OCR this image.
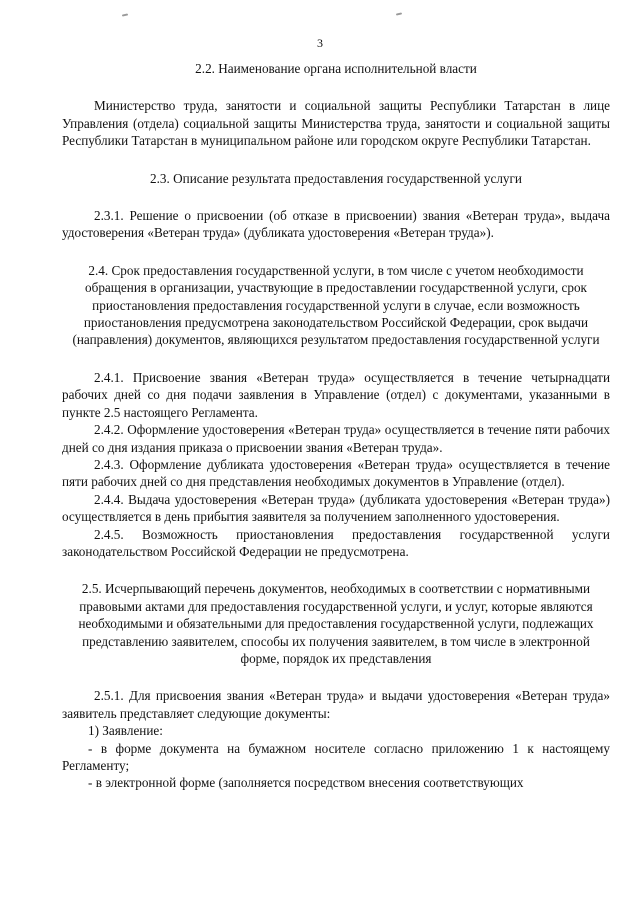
3

2.2. Наименование органа исполнительной власти

Министерство труда, занятости и социальной защиты Республики Татарстан в лице Управления (отдела) социальной защиты Министерства труда, занятости и социальной защиты Республики Татарстан в муниципальном районе или городском округе Республики Татарстан.

2.3. Описание результата предоставления государственной услуги

2.3.1. Решение о присвоении (об отказе в присвоении) звания «Ветеран труда», выдача удостоверения «Ветеран труда» (дубликата удостоверения «Ветеран труда»).

2.4. Срок предоставления государственной услуги, в том числе с учетом необходимости обращения в организации, участвующие в предоставлении государственной услуги, срок приостановления предоставления государственной услуги в случае, если возможность приостановления предусмотрена законодательством Российской Федерации, срок выдачи (направления) документов, являющихся результатом предоставления государственной услуги

2.4.1. Присвоение звания «Ветеран труда» осуществляется в течение четырнадцати рабочих дней со дня подачи заявления в Управление (отдел) с документами, указанными в пункте 2.5 настоящего Регламента.

2.4.2. Оформление удостоверения «Ветеран труда» осуществляется в течение пяти рабочих дней со дня издания приказа о присвоении звания «Ветеран труда».

2.4.3. Оформление дубликата удостоверения «Ветеран труда» осуществляется в течение пяти рабочих дней со дня представления необходимых документов в Управление (отдел).

2.4.4. Выдача удостоверения «Ветеран труда» (дубликата удостоверения «Ветеран труда») осуществляется в день прибытия заявителя за получением заполненного удостоверения.

2.4.5. Возможность приостановления предоставления государственной услуги законодательством Российской Федерации не предусмотрена.

2.5. Исчерпывающий перечень документов, необходимых в соответствии с нормативными правовыми актами для предоставления государственной услуги, и услуг, которые являются необходимыми и обязательными для предоставления государственной услуги, подлежащих представлению заявителем, способы их получения заявителем, в том числе в электронной форме, порядок их представления

2.5.1. Для присвоения звания «Ветеран труда» и выдачи удостоверения «Ветеран труда» заявитель представляет следующие документы:

1) Заявление:

- в форме документа на бумажном носителе согласно приложению 1 к настоящему Регламенту;

- в электронной форме (заполняется посредством внесения соответствующих
